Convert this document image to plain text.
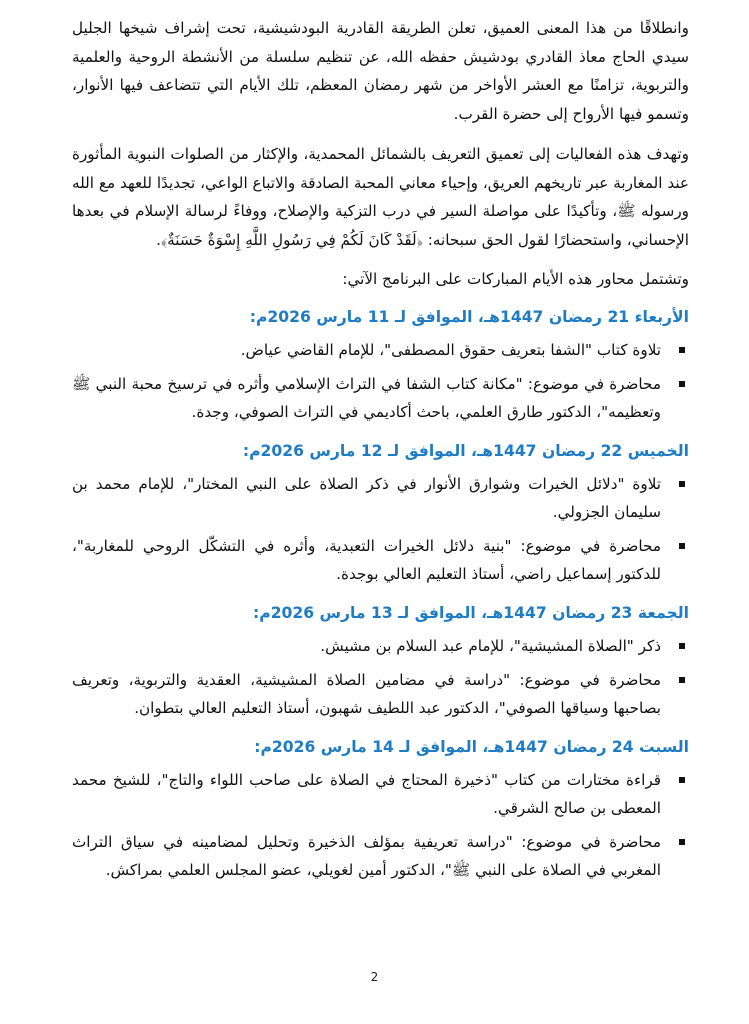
وانطلاقًا من هذا المعنى العميق، تعلن الطريقة القادرية البودشيشية، تحت إشراف شيخها الجليل سيدي الحاج معاذ القادري بودشيش حفظه الله، عن تنظيم سلسلة من الأنشطة الروحية والعلمية والتربوية، تزامنًا مع العشر الأواخر من شهر رمضان المعظم، تلك الأيام التي تتضاعف فيها الأنوار، وتسمو فيها الأرواح إلى حضرة القرب.

وتهدف هذه الفعاليات إلى تعميق التعريف بالشمائل المحمدية، والإكثار من الصلوات النبوية المأثورة عند المغاربة عبر تاريخهم العريق، وإحياء معاني المحبة الصادقة والاتباع الواعي، تجديدًا للعهد مع الله ورسوله ﷺ، وتأكيدًا على مواصلة السير في درب التزكية والإصلاح، ووفاءً لرسالة الإسلام في بعدها الإحساني، واستحضارًا لقول الحق سبحانه: ﴿لَقَدْ كَانَ لَكُمْ فِي رَسُولِ اللَّهِ إِسْوَةٌ حَسَنَةٌ﴾.

وتشتمل محاور هذه الأيام المباركات على البرنامج الآتي:

الأربعاء 21 رمضان 1447هـ، الموافق لـ 11 مارس 2026م:
تلاوة كتاب "الشفا بتعريف حقوق المصطفى"، للإمام القاضي عياض.
محاضرة في موضوع: "مكانة كتاب الشفا في التراث الإسلامي وأثره في ترسيخ محبة النبي ﷺ وتعظيمه"، الدكتور طارق العلمي، باحث أكاديمي في التراث الصوفي، وجدة.
الخميس 22 رمضان 1447هـ، الموافق لـ 12 مارس 2026م:
تلاوة "دلائل الخيرات وشوارق الأنوار في ذكر الصلاة على النبي المختار"، للإمام محمد بن سليمان الجزولي.
محاضرة في موضوع: "بنية دلائل الخيرات التعبدية، وأثره في التشكّل الروحي للمغاربة"، للدكتور إسماعيل راضي، أستاذ التعليم العالي بوجدة.
الجمعة 23 رمضان 1447هـ، الموافق لـ 13 مارس 2026م:
ذكر "الصلاة المشيشية"، للإمام عبد السلام بن مشيش.
محاضرة في موضوع: "دراسة في مضامين الصلاة المشيشية، العقدية والتربوية، وتعريف بصاحبها وسياقها الصوفي"، الدكتور عبد اللطيف شهبون، أستاذ التعليم العالي بتطوان.
السبت 24 رمضان 1447هـ، الموافق لـ 14 مارس 2026م:
قراءة مختارات من كتاب "ذخيرة المحتاج في الصلاة على صاحب اللواء والتاج"، للشيخ محمد المعطى بن صالح الشرقي.
محاضرة في موضوع: "دراسة تعريفية بمؤلف الذخيرة وتحليل لمضامينه في سياق التراث المغربي في الصلاة على النبي ﷺ"، الدكتور أمين لغويلي، عضو المجلس العلمي بمراكش.
2
